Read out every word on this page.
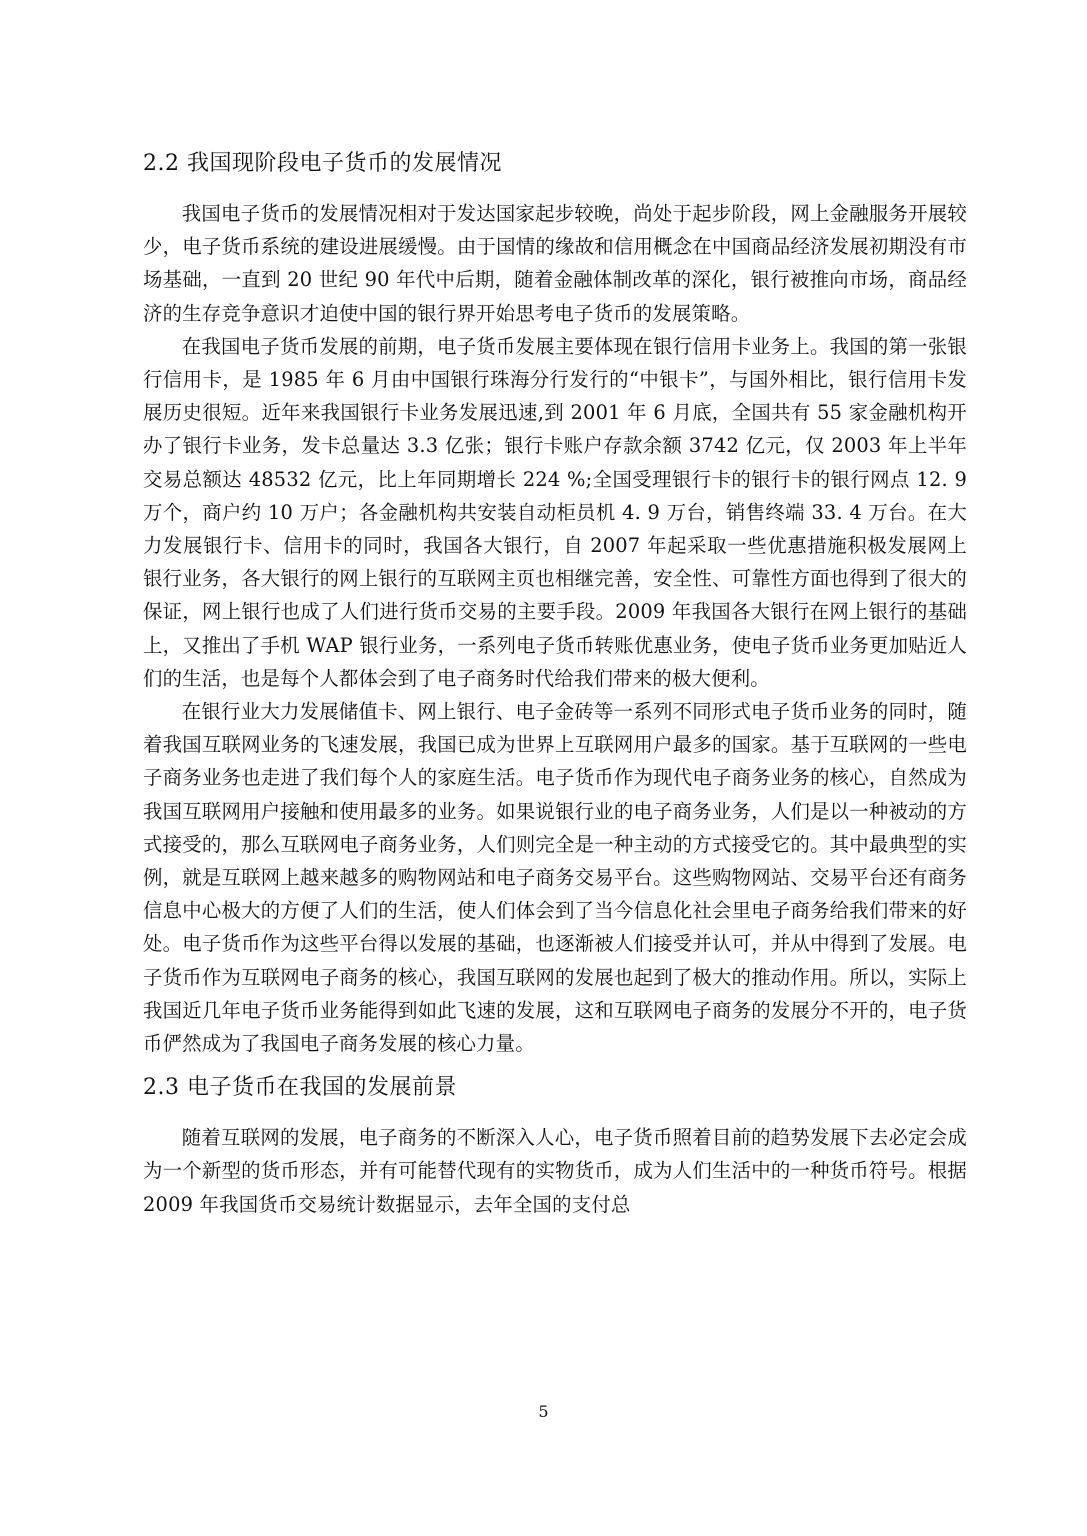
2.2 我国现阶段电子货币的发展情况

我国电子货币的发展情况相对于发达国家起步较晚，尚处于起步阶段，网上金融服务开展较少，电子货币系统的建设进展缓慢。由于国情的缘故和信用概念在中国商品经济发展初期没有市场基础，一直到 20 世纪 90 年代中后期，随着金融体制改革的深化，银行被推向市场，商品经济的生存竞争意识才迫使中国的银行界开始思考电子货币的发展策略。

在我国电子货币发展的前期，电子货币发展主要体现在银行信用卡业务上。我国的第一张银行信用卡，是 1985 年 6 月由中国银行珠海分行发行的“中银卡”，与国外相比，银行信用卡发展历史很短。近年来我国银行卡业务发展迅速,到 2001 年 6 月底，全国共有 55 家金融机构开办了银行卡业务，发卡总量达 3.3 亿张；银行卡账户存款余额 3742 亿元，仅 2003 年上半年交易总额达 48532 亿元，比上年同期增长 224 %;全国受理银行卡的银行卡的银行网点 12. 9 万个，商户约 10 万户；各金融机构共安装自动柜员机 4. 9 万台，销售终端 33. 4 万台。在大力发展银行卡、信用卡的同时，我国各大银行，自 2007 年起采取一些优惠措施积极发展网上银行业务，各大银行的网上银行的互联网主页也相继完善，安全性、可靠性方面也得到了很大的保证，网上银行也成了人们进行货币交易的主要手段。2009 年我国各大银行在网上银行的基础上，又推出了手机 WAP 银行业务，一系列电子货币转账优惠业务，使电子货币业务更加贴近人们的生活，也是每个人都体会到了电子商务时代给我们带来的极大便利。

在银行业大力发展储值卡、网上银行、电子金砖等一系列不同形式电子货币业务的同时，随着我国互联网业务的飞速发展，我国已成为世界上互联网用户最多的国家。基于互联网的一些电子商务业务也走进了我们每个人的家庭生活。电子货币作为现代电子商务业务的核心，自然成为我国互联网用户接触和使用最多的业务。如果说银行业的电子商务业务，人们是以一种被动的方式接受的，那么互联网电子商务业务，人们则完全是一种主动的方式接受它的。其中最典型的实例，就是互联网上越来越多的购物网站和电子商务交易平台。这些购物网站、交易平台还有商务信息中心极大的方便了人们的生活，使人们体会到了当今信息化社会里电子商务给我们带来的好处。电子货币作为这些平台得以发展的基础，也逐渐被人们接受并认可，并从中得到了发展。电子货币作为互联网电子商务的核心，我国互联网的发展也起到了极大的推动作用。所以，实际上我国近几年电子货币业务能得到如此飞速的发展，这和互联网电子商务的发展分不开的，电子货币俨然成为了我国电子商务发展的核心力量。

2.3 电子货币在我国的发展前景

随着互联网的发展，电子商务的不断深入人心，电子货币照着目前的趋势发展下去必定会成为一个新型的货币形态，并有可能替代现有的实物货币，成为人们生活中的一种货币符号。根据 2009 年我国货币交易统计数据显示，去年全国的支付总

5
